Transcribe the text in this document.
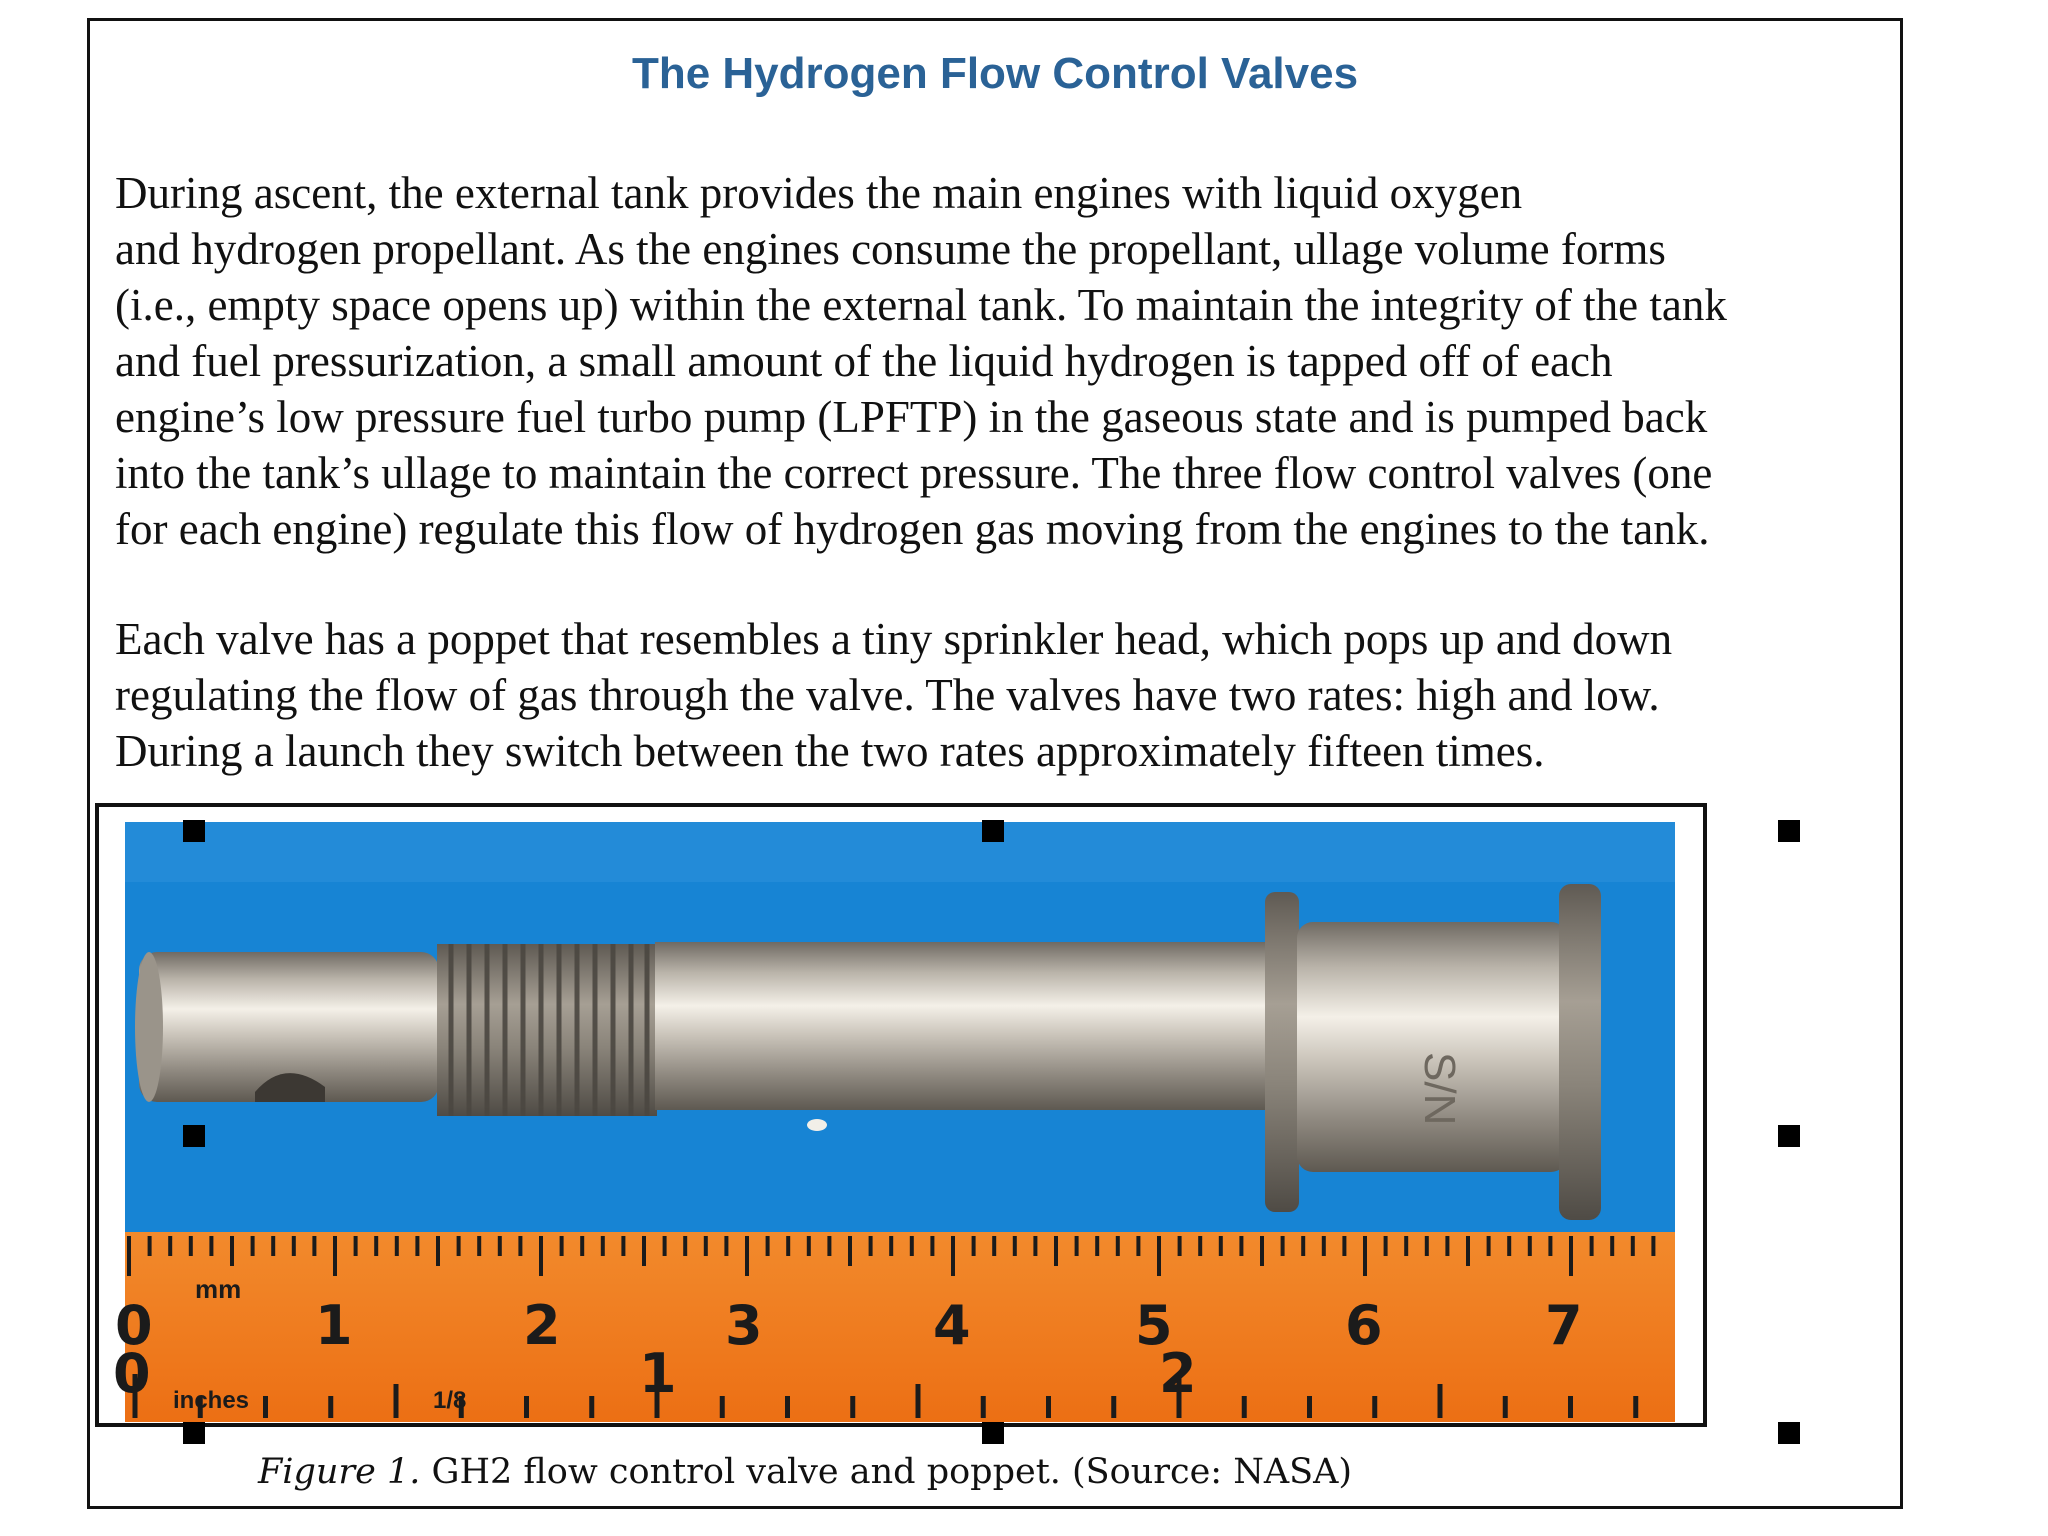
The Hydrogen Flow Control Valves

During ascent, the external tank provides the main engines with liquid oxygen
and hydrogen propellant. As the engines consume the propellant, ullage volume forms
(i.e., empty space opens up) within the external tank. To maintain the integrity of the tank
and fuel pressurization, a small amount of the liquid hydrogen is tapped off of each
engine’s low pressure fuel turbo pump (LPFTP) in the gaseous state and is pumped back
into the tank’s ullage to maintain the correct pressure. The three flow control valves (one
for each engine) regulate this flow of hydrogen gas moving from the engines to the tank.

Each valve has a poppet that resembles a tiny sprinkler head, which pops up and down
regulating the flow of gas through the valve. The valves have two rates: high and low.
During a launch they switch between the two rates approximately fifteen times.

S/N
mm
0	1	2	3	4	5	6	7
0	1	2
inches	1/8

Figure 1. GH2 flow control valve and poppet. (Source: NASA)
